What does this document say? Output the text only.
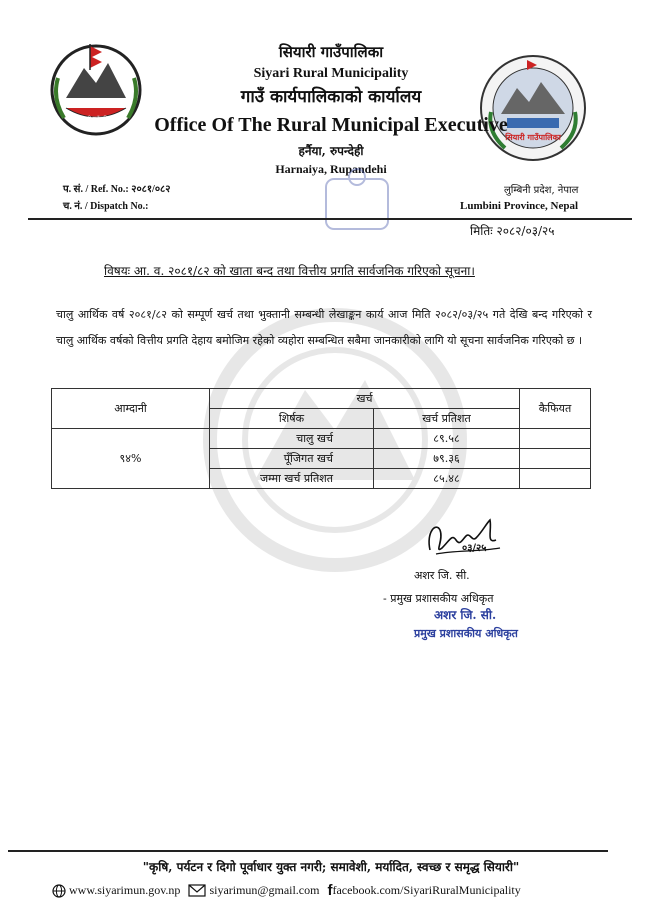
सियारी गाउँपालिका
सियारी गाउँपालिका
सियारी गाउँपालिका
Siyari Rural Municipality
गाउँ कार्यपालिकाको कार्यालय
Office Of The Rural Municipal Executive
हर्नैया, रुपन्देही
Harnaiya, Rupandehi
प. सं. / Ref. No.: २०८१/०८२
च. नं. / Dispatch No.:
लुम्बिनी प्रदेश, नेपाल
Lumbini Province, Nepal
मितिः २०८२/०३/२५
विषयः आ. व. २०८१/८२ को खाता बन्द तथा वित्तीय प्रगति सार्वजनिक गरिएको सूचना।
चालु आर्थिक वर्ष २०८१/८२ को सम्पूर्ण खर्च तथा भुक्तानी सम्बन्धी लेखाङ्कन कार्य आज मिति २०८२/०३/२५ गते देखि बन्द गरिएको र चालु आर्थिक वर्षको वित्तीय प्रगति देहाय बमोजिम रहेको व्यहोरा सम्बन्धित सबैमा जानकारीको लागि यो सूचना सार्वजनिक गरिएको छ ।
आम्दानी	खर्च		कैफियत
	शिर्षक	खर्च प्रतिशत	
९४%	चालु खर्च	८९.५८	
	पूँजिगत खर्च	७९.३६	
	जम्मा खर्च प्रतिशत	८५.४८	
०३/२५
अशर जि. सी.
- प्रमुख प्रशासकीय अधिकृत
अशर जि. सी.
प्रमुख प्रशासकीय अधिकृत
"कृषि, पर्यटन र दिगो पूर्वाधार युक्त नगरी; समावेशी, मर्यादित, स्वच्छ र समृद्ध सियारी"
www.siyarimun.gov.np siyarimun@gmail.com f facebook.com/SiyariRuralMunicipality
